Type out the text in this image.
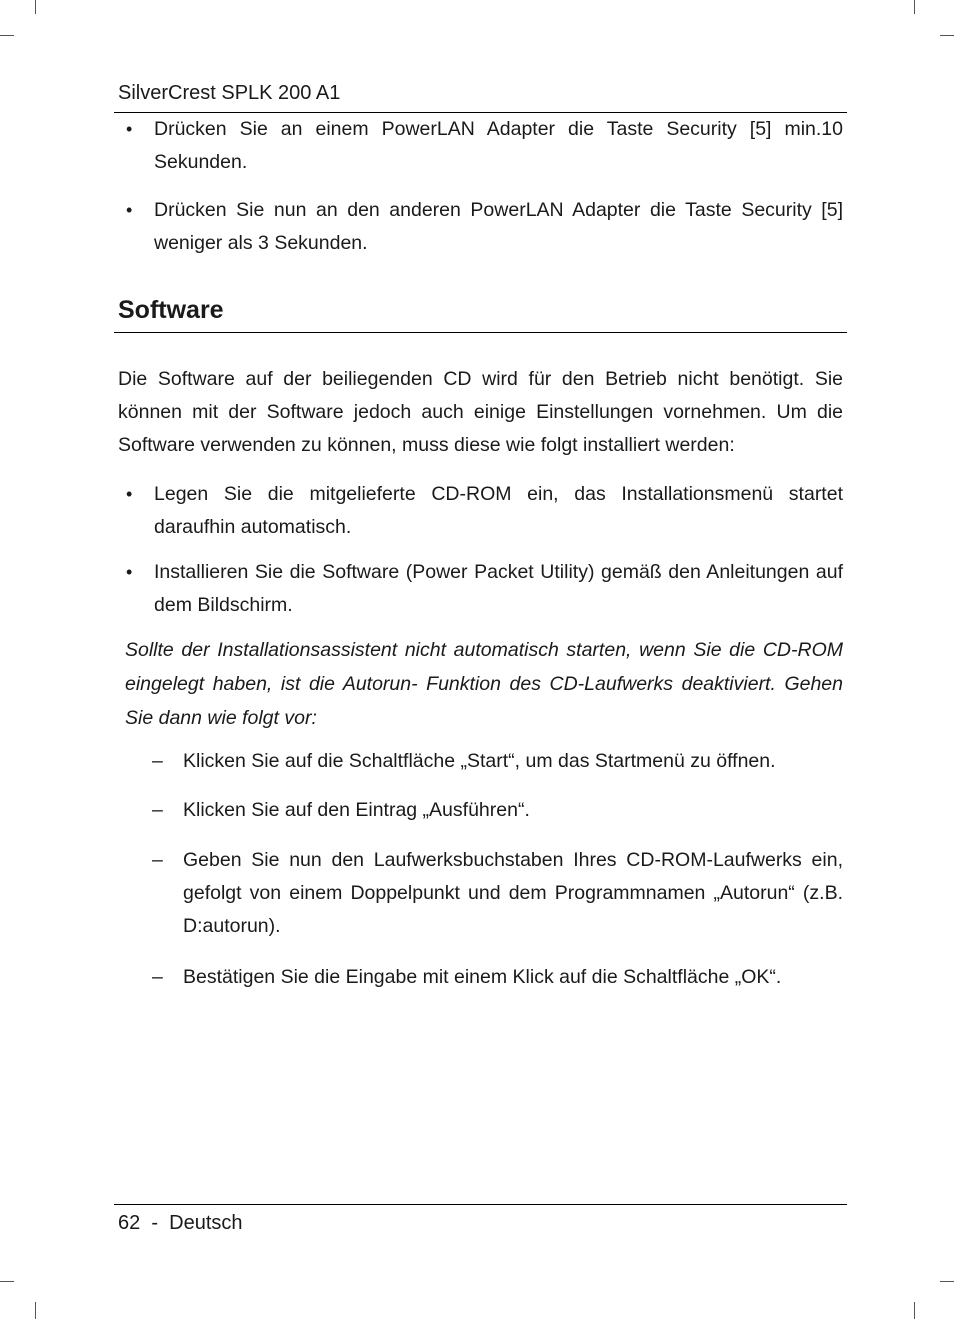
SilverCrest SPLK 200 A1
• Drücken Sie an einem PowerLAN Adapter die Taste Security [5] min.10 Sekunden.
• Drücken Sie nun an den anderen PowerLAN Adapter die Taste Security [5] weniger als 3 Sekunden.
Software
Die Software auf der beiliegenden CD wird für den Betrieb nicht benötigt. Sie können mit der Software jedoch auch einige Einstellungen vornehmen. Um die Software verwenden zu können, muss diese wie folgt installiert werden:
• Legen Sie die mitgelieferte CD-ROM ein, das Installationsmenü startet daraufhin automatisch.
• Installieren Sie die Software (Power Packet Utility) gemäß den Anleitungen auf dem Bildschirm.
Sollte der Installationsassistent nicht automatisch starten, wenn Sie die CD-ROM eingelegt haben, ist die Autorun- Funktion des CD-Laufwerks deaktiviert. Gehen Sie dann wie folgt vor:
– Klicken Sie auf die Schaltfläche „Start“, um das Startmenü zu öffnen.
– Klicken Sie auf den Eintrag „Ausführen“.
– Geben Sie nun den Laufwerksbuchstaben Ihres CD-ROM-Laufwerks ein, gefolgt von einem Doppelpunkt und dem Programmnamen „Autorun“ (z.B. D:autorun).
– Bestätigen Sie die Eingabe mit einem Klick auf die Schaltfläche „OK“.
62  -  Deutsch
